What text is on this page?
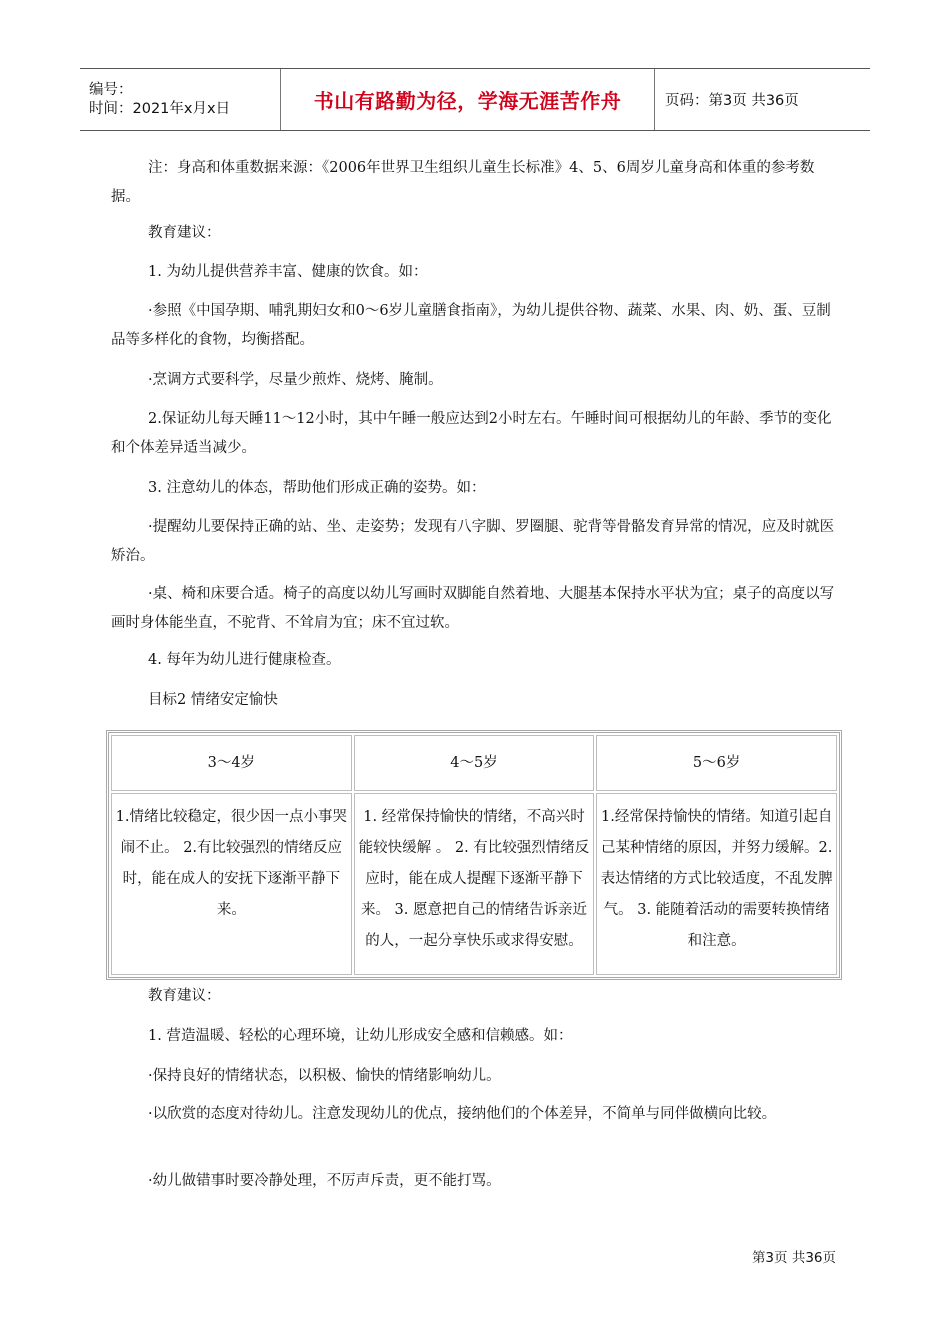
编号：
时间：2021年x月x日	书山有路勤为径，学海无涯苦作舟	页码：第3页 共36页

注：身高和体重数据来源：《2006年世界卫生组织儿童生长标准》4、5、6周岁儿童身高和体重的参考数据。

教育建议：

1. 为幼儿提供营养丰富、健康的饮食。如：

·参照《中国孕期、哺乳期妇女和0～6岁儿童膳食指南》，为幼儿提供谷物、蔬菜、水果、肉、奶、蛋、豆制品等多样化的食物，均衡搭配。

·烹调方式要科学，尽量少煎炸、烧烤、腌制。

2.保证幼儿每天睡11～12小时，其中午睡一般应达到2小时左右。午睡时间可根据幼儿的年龄、季节的变化和个体差异适当减少。

3. 注意幼儿的体态，帮助他们形成正确的姿势。如：

·提醒幼儿要保持正确的站、坐、走姿势；发现有八字脚、罗圈腿、驼背等骨骼发育异常的情况，应及时就医矫治。

·桌、椅和床要合适。椅子的高度以幼儿写画时双脚能自然着地、大腿基本保持水平状为宜；桌子的高度以写画时身体能坐直，不驼背、不耸肩为宜；床不宜过软。

4. 每年为幼儿进行健康检查。

目标2 情绪安定愉快

3～4岁	4～5岁	5～6岁
1.情绪比较稳定，很少因一点小事哭闹不止。 2.有比较强烈的情绪反应时，能在成人的安抚下逐渐平静下来。	1. 经常保持愉快的情绪，不高兴时能较快缓解 。 2. 有比较强烈情绪反应时，能在成人提醒下逐渐平静下来。 3. 愿意把自己的情绪告诉亲近的人，一起分享快乐或求得安慰。	1.经常保持愉快的情绪。知道引起自己某种情绪的原因，并努力缓解。2.表达情绪的方式比较适度，不乱发脾气。 3. 能随着活动的需要转换情绪和注意。

教育建议：

1. 营造温暖、轻松的心理环境，让幼儿形成安全感和信赖感。如：

·保持良好的情绪状态，以积极、愉快的情绪影响幼儿。

·以欣赏的态度对待幼儿。注意发现幼儿的优点，接纳他们的个体差异，不简单与同伴做横向比较。

·幼儿做错事时要冷静处理，不厉声斥责，更不能打骂。

第3页 共36页
